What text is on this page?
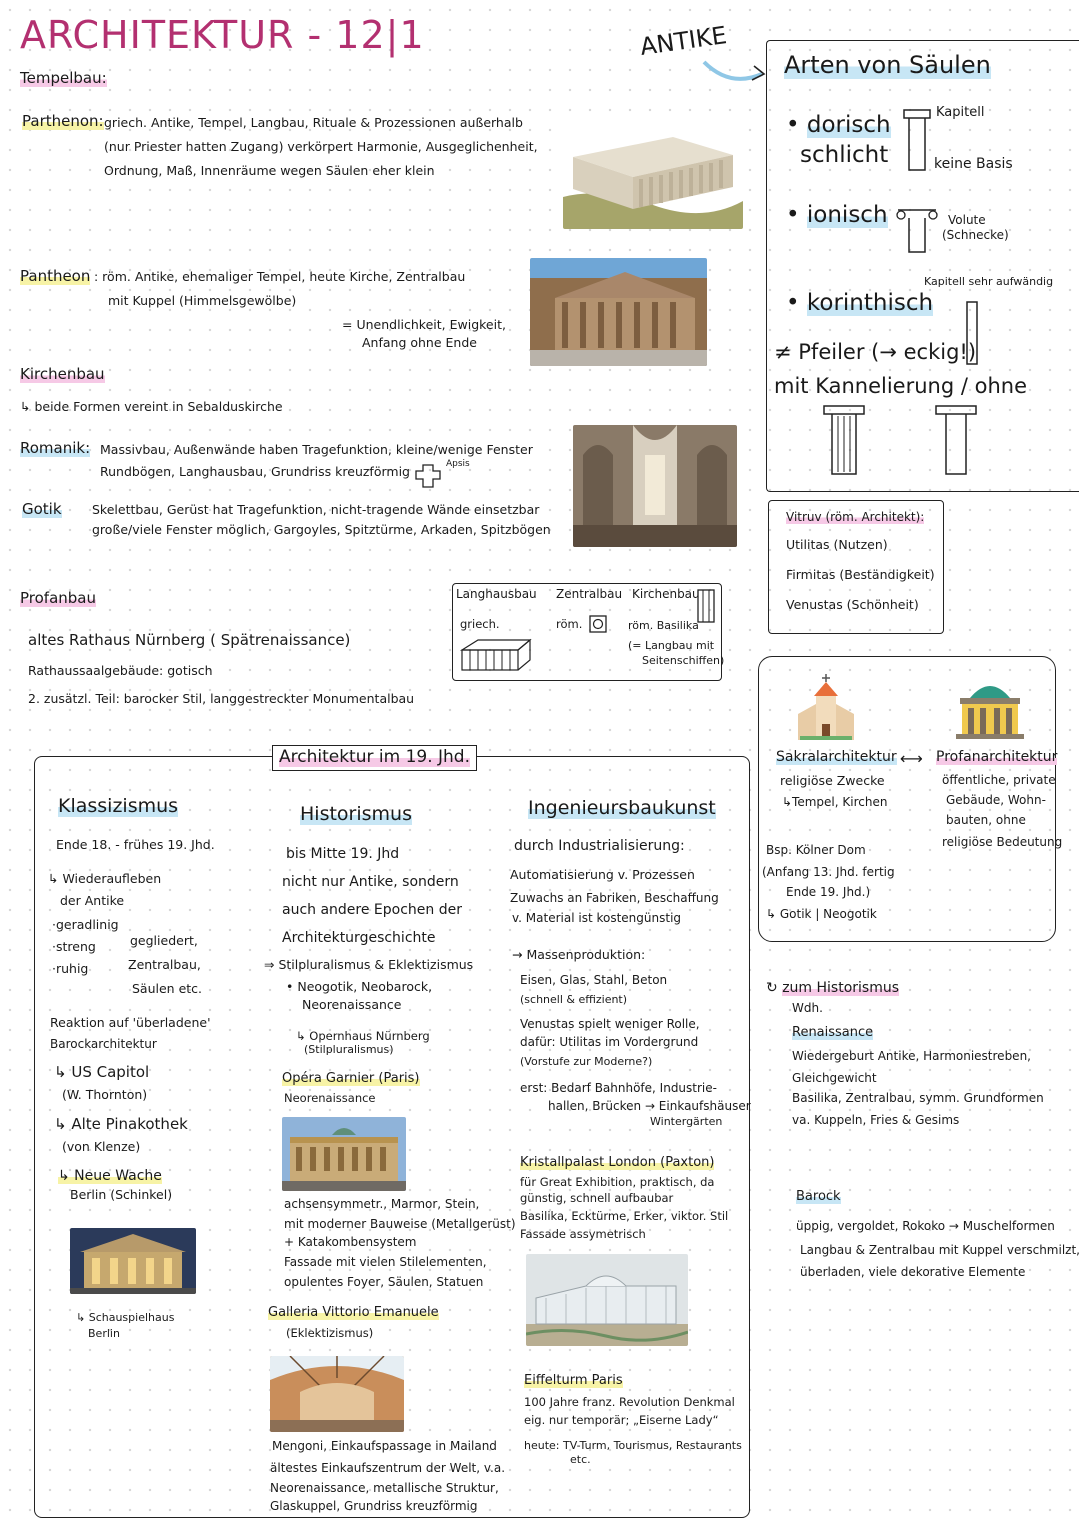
ARCHITEKTUR - 12|1
Tempelbau:
Parthenon: griech. Antike, Tempel, Langbau, Rituale & Prozessionen außerhalb
(nur Priester hatten Zugang) verkörpert Harmonie, Ausgeglichenheit,
Ordnung, Maß, Innenräume wegen Säulen eher klein
Pantheon : röm. Antike, ehemaliger Tempel, heute Kirche, Zentralbau
mit Kuppel (Himmelsgewölbe)
= Unendlichkeit, Ewigkeit,
Anfang ohne Ende
ANTIKE
Kirchenbau
↳ beide Formen vereint in Sebalduskirche
Romanik: Massivbau, Außenwände haben Tragefunktion, kleine/wenige Fenster
Rundbögen, Langhausbau, Grundriss kreuzförmig	Apsis
Gotik Skelettbau, Gerüst hat Tragefunktion, nicht-tragende Wände einsetzbar
große/viele Fenster möglich, Gargoyles, Spitztürme, Arkaden, Spitzbögen
Profanbau
altes Rathaus Nürnberg ( Spätrenaissance)
Rathaussaalgebäude: gotisch
2. zusätzl. Teil: barocker Stil, langgestreckter Monumentalbau
Langhausbau
griech.
Zentralbau
röm.
Kirchenbau
röm. Basilika
(= Langbau mit
Seitenschiffen)
Arten von Säulen
• dorisch
schlicht
Kapitell
keine Basis
• ionisch	Volute
(Schnecke)
Kapitell sehr aufwändig
• korinthisch
≠ Pfeiler (→ eckig!)
mit Kannelierung / ohne
Vitruv (röm. Architekt):
Utilitas (Nutzen)
Firmitas (Beständigkeit)
Venustas (Schönheit)
Sakralarchitektur
religiöse Zwecke
↳Tempel, Kirchen
Bsp. Kölner Dom
(Anfang 13. Jhd. fertig
Ende 19. Jhd.)
↳ Gotik | Neogotik
⟷ Profanarchitektur
öffentliche, private
Gebäude, Wohn-
bauten, ohne
religiöse Bedeutung
↻ zum Historismus
Wdh.
Renaissance
Wiedergeburt Antike, Harmoniestreben,
Gleichgewicht
Basilika, Zentralbau, symm. Grundformen
va. Kuppeln, Fries & Gesims
Barock
üppig, vergoldet, Rokoko → Muschelformen
Langbau & Zentralbau mit Kuppel verschmilzt,
überladen, viele dekorative Elemente
Architektur im 19. Jhd.
Klassizismus
Ende 18. - frühes 19. Jhd.
↳ Wiederaufleben
der Antike
·geradlinig
·streng
·ruhig
gegliedert,
Zentralbau,
Säulen etc.
Reaktion auf 'überladene'
Barockarchitektur
↳ US Capitol
(W. Thornton)
↳ Alte Pinakothek
(von Klenze)
↳ Neue Wache
Berlin (Schinkel)
↳ Schauspielhaus
Berlin
Historismus
bis Mitte 19. Jhd
nicht nur Antike, sondern
auch andere Epochen der
Architekturgeschichte
⇒ Stilpluralismus & Eklektizismus
• Neogotik, Neobarock,
Neorenaissance
↳ Opernhaus Nürnberg
(Stilpluralismus)
Opéra Garnier (Paris)
Neorenaissance
achsensymmetr., Marmor, Stein,
mit moderner Bauweise (Metallgerüst)
+ Katakombensystem
Fassade mit vielen Stilelementen,
opulentes Foyer, Säulen, Statuen
Galleria Vittorio Emanuele
(Eklektizismus)
Mengoni, Einkaufspassage in Mailand
ältestes Einkaufszentrum der Welt, v.a.
Neorenaissance, metallische Struktur,
Glaskuppel, Grundriss kreuzförmig
Ingenieursbaukunst
durch Industrialisierung:
Automatisierung v. Prozessen
Zuwachs an Fabriken, Beschaffung
v. Material ist kostengünstig
→ Massenproduktion:
Eisen, Glas, Stahl, Beton
(schnell & effizient)
Venustas spielt weniger Rolle,
dafür: Utilitas im Vordergrund
(Vorstufe zur Moderne?)
erst: Bedarf Bahnhöfe, Industrie-
hallen, Brücken → Einkaufshäuser
Wintergärten
Kristallpalast London (Paxton)
für Great Exhibition, praktisch, da
günstig, schnell aufbaubar
Basilika, Ecktürme, Erker, viktor. Stil
Fassade assymetrisch
Eiffelturm Paris
100 Jahre franz. Revolution Denkmal
eig. nur temporär; „Eiserne Lady“
heute: TV-Turm, Tourismus, Restaurants
etc.
